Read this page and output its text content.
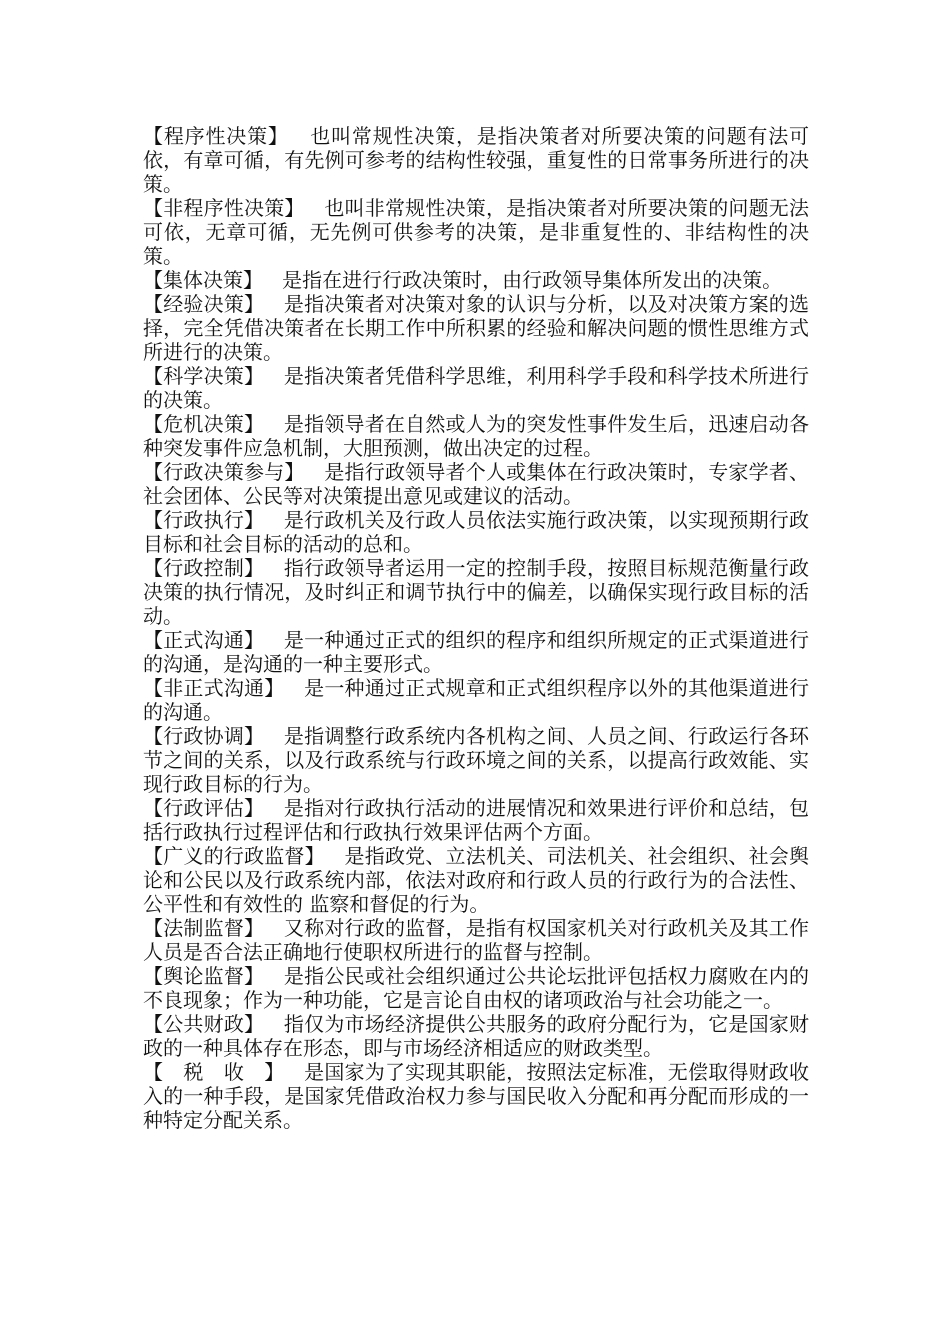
【程序性决策】 也叫常规性决策，是指决策者对所要决策的问题有法可依，有章可循，有先例可参考的结构性较强，重复性的日常事务所进行的决策。

【非程序性决策】 也叫非常规性决策，是指决策者对所要决策的问题无法可依，无章可循，无先例可供参考的决策，是非重复性的、非结构性的决策。

【集体决策】 是指在进行行政决策时，由行政领导集体所发出的决策。

【经验决策】 是指决策者对决策对象的认识与分析，以及对决策方案的选择，完全凭借决策者在长期工作中所积累的经验和解决问题的惯性思维方式所进行的决策。

【科学决策】 是指决策者凭借科学思维，利用科学手段和科学技术所进行的决策。

【危机决策】 是指领导者在自然或人为的突发性事件发生后，迅速启动各种突发事件应急机制，大胆预测，做出决定的过程。

【行政决策参与】 是指行政领导者个人或集体在行政决策时，专家学者、社会团体、公民等对决策提出意见或建议的活动。

【行政执行】 是行政机关及行政人员依法实施行政决策，以实现预期行政目标和社会目标的活动的总和。

【行政控制】 指行政领导者运用一定的控制手段，按照目标规范衡量行政决策的执行情况，及时纠正和调节执行中的偏差，以确保实现行政目标的活动。

【正式沟通】 是一种通过正式的组织的程序和组织所规定的正式渠道进行的沟通，是沟通的一种主要形式。

【非正式沟通】 是一种通过正式规章和正式组织程序以外的其他渠道进行的沟通。

【行政协调】 是指调整行政系统内各机构之间、人员之间、行政运行各环节之间的关系，以及行政系统与行政环境之间的关系，以提高行政效能、实现行政目标的行为。

【行政评估】 是指对行政执行活动的进展情况和效果进行评价和总结，包括行政执行过程评估和行政执行效果评估两个方面。

【广义的行政监督】 是指政党、立法机关、司法机关、社会组织、社会舆论和公民以及行政系统内部，依法对政府和行政人员的行政行为的合法性、公平性和有效性的 监察和督促的行为。

【法制监督】 又称对行政的监督，是指有权国家机关对行政机关及其工作人员是否合法正确地行使职权所进行的监督与控制。

【舆论监督】 是指公民或社会组织通过公共论坛批评包括权力腐败在内的不良现象；作为一种功能，它是言论自由权的诸项政治与社会功能之一。

【公共财政】 指仅为市场经济提供公共服务的政府分配行为，它是国家财政的一种具体存在形态，即与市场经济相适应的财政类型。

【　税　收　】 是国家为了实现其职能，按照法定标准，无偿取得财政收入的一种手段，是国家凭借政治权力参与国民收入分配和再分配而形成的一种特定分配关系。
